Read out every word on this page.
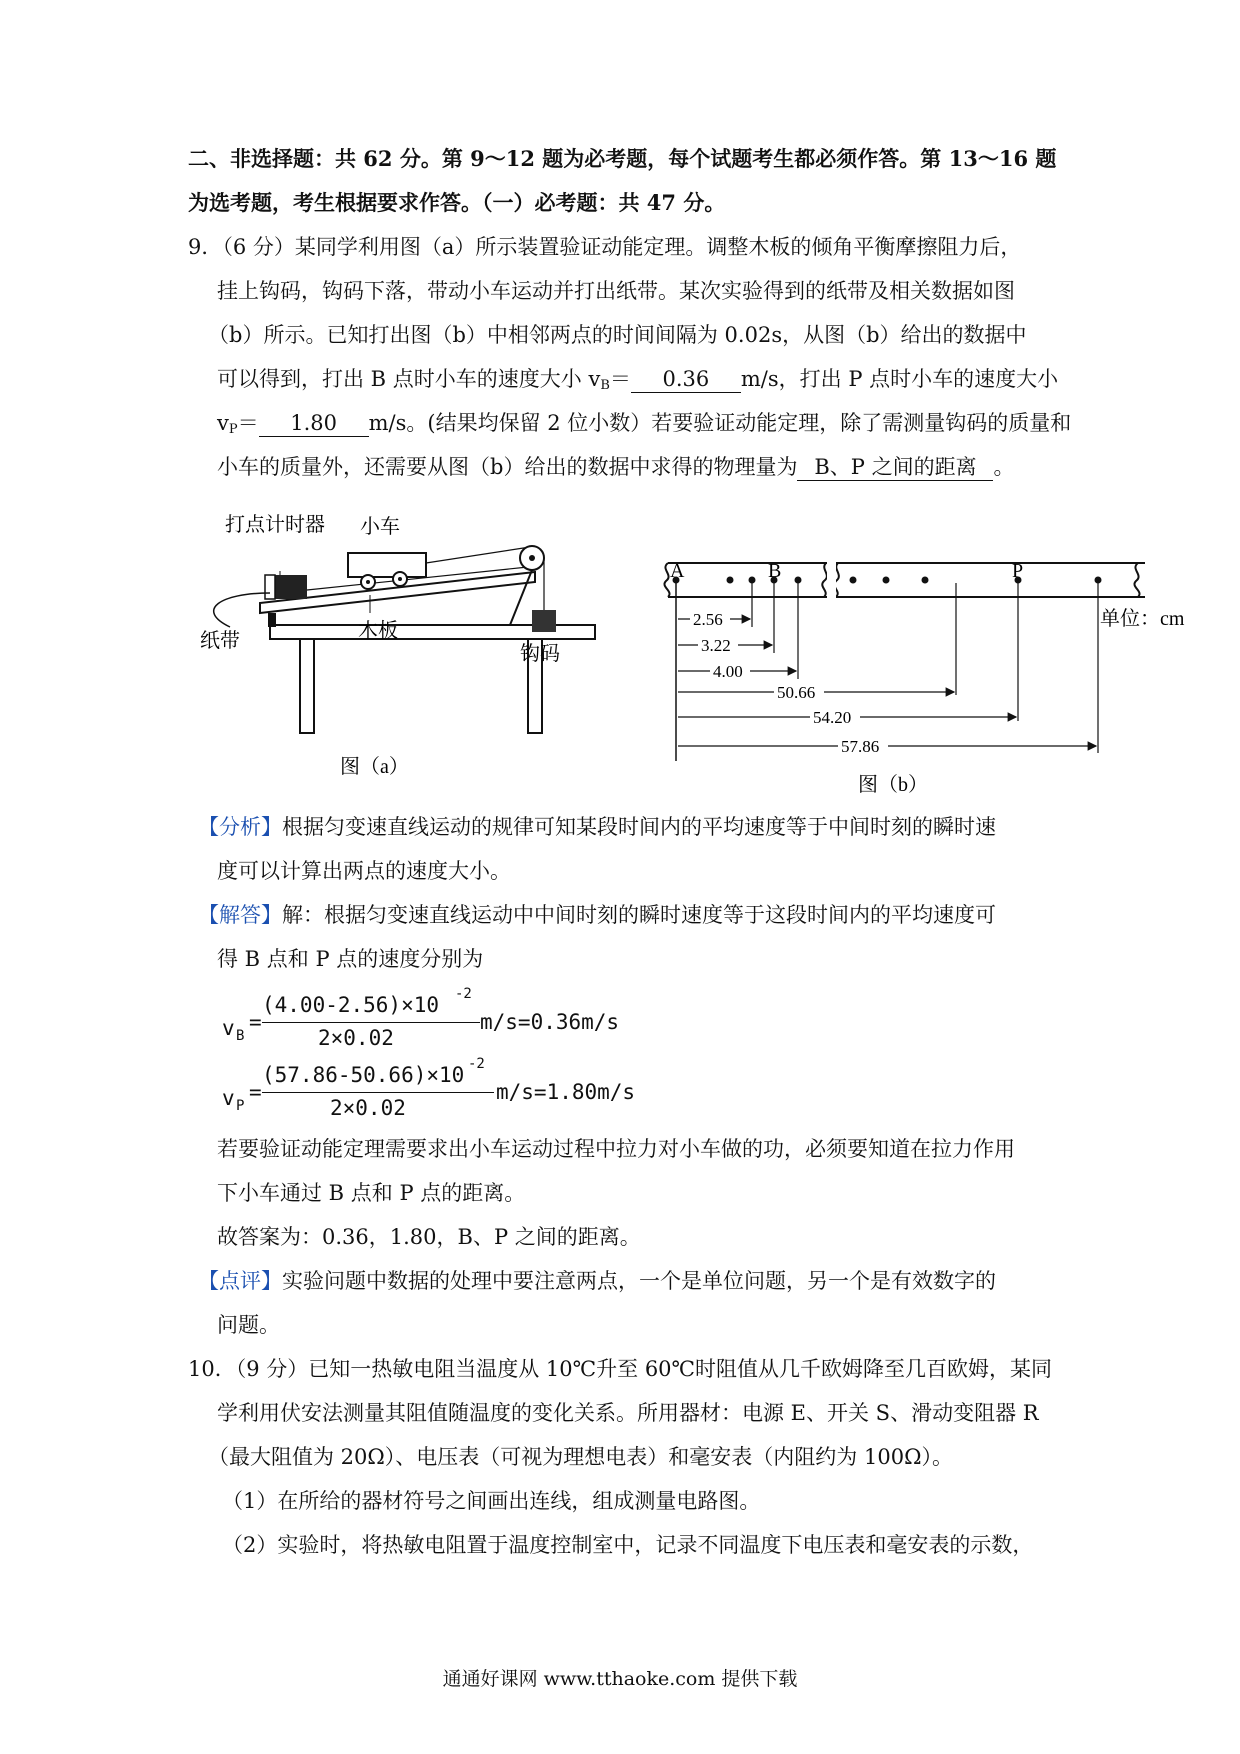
二、非选择题：共 62 分。第 9～12 题为必考题，每个试题考生都必须作答。第 13～16 题
为选考题，考生根据要求作答。（一）必考题：共 47 分。
9．（6 分）某同学利用图（a）所示装置验证动能定理。调整木板的倾角平衡摩擦阻力后，
挂上钩码，钩码下落，带动小车运动并打出纸带。某次实验得到的纸带及相关数据如图
（b）所示。已知打出图（b）中相邻两点的时间间隔为 0.02s，从图（b）给出的数据中
可以得到，打出 B 点时小车的速度大小 $v_B= 0.36$ m/s，打出 P 点时小车的速度大小
$v_P= 1.80$ m/s。(结果均保留 2 位小数）若要验证动能定理，除了需测量钩码的质量和
小车的质量外，还需要从图（b）给出的数据中求得的物理量为 B、P 之间的距离 。
打点计时器 小车
纸带	木板
钩码
图（a）
A	B	P
单位：cm
2.56
3.22
4.00
50.66
54.20
57.86
图（b）
【分析】根据匀变速直线运动的规律可知某段时间内的平均速度等于中间时刻的瞬时速
度可以计算出两点的速度大小。
【解答】解：根据匀变速直线运动中中间时刻的瞬时速度等于这段时间内的平均速度可
得 B 点和 P 点的速度分别为
v B
=
(4.00-2.56)×10 -2
2×0.02
m/s=0.36m/s
v P
=
(57.86-50.66)×10 -2
2×0.02
m/s=1.80m/s
若要验证动能定理需要求出小车运动过程中拉力对小车做的功，必须要知道在拉力作用
下小车通过 B 点和 P 点的距离。
故答案为：0.36，1.80，B、P 之间的距离。
【点评】实验问题中数据的处理中要注意两点，一个是单位问题，另一个是有效数字的
问题。
10．（9 分）已知一热敏电阻当温度从 10℃升至 60℃时阻值从几千欧姆降至几百欧姆，某同
学利用伏安法测量其阻值随温度的变化关系。所用器材：电源 E、开关 S、滑动变阻器 R
（最大阻值为 20Ω）、电压表（可视为理想电表）和毫安表（内阻约为 100Ω）。
（1）在所给的器材符号之间画出连线，组成测量电路图。
（2）实验时，将热敏电阻置于温度控制室中，记录不同温度下电压表和毫安表的示数，
通通好课网 www.tthaoke.com 提供下载
